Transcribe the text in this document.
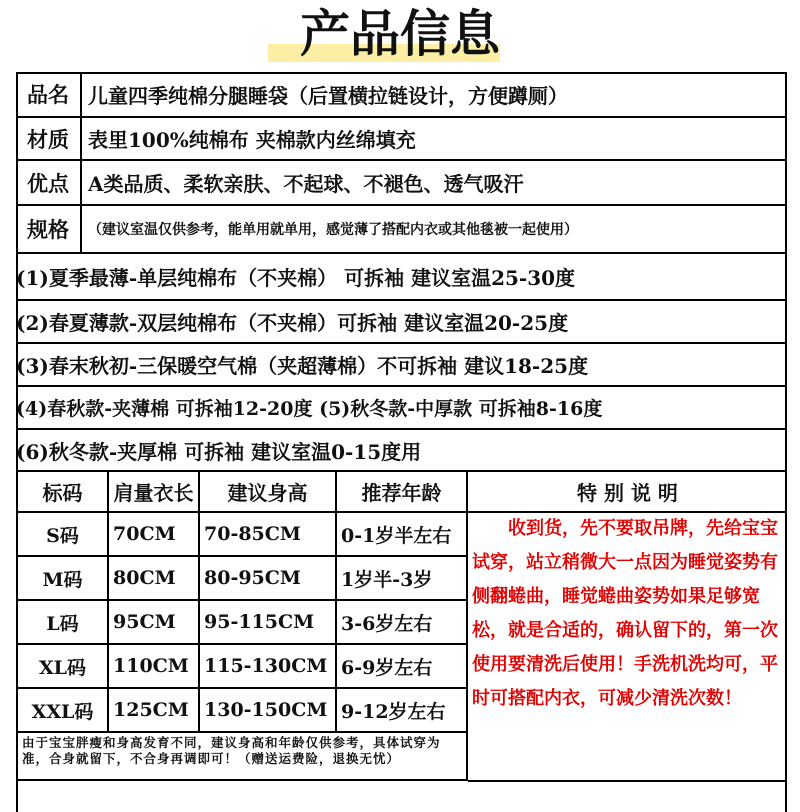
产品信息
品名 儿童四季纯棉分腿睡袋（后置横拉链设计，方便蹲厕）
材质 表里100%纯棉布 夹棉款内丝绵填充
优点 A类品质、柔软亲肤、不起球、不褪色、透气吸汗
规格	（建议室温仅供参考，能单用就单用，感觉薄了搭配内衣或其他毯被一起使用）
(1)夏季最薄-单层纯棉布（不夹棉） 可拆袖 建议室温25-30度
(2)春夏薄款-双层纯棉布（不夹棉）可拆袖 建议室温20-25度
(3)春末秋初-三保暖空气棉（夹超薄棉）不可拆袖 建议18-25度
(4)春秋款-夹薄棉 可拆袖12-20度 (5)秋冬款-中厚款 可拆袖8-16度
(6)秋冬款-夹厚棉 可拆袖 建议室温0-15度用
标码	肩量衣长	建议身高	推荐年龄	特 别 说 明
S码	70CM	70-85CM	0-1岁半左右
M码	80CM	80-95CM	1岁半-3岁
L码	95CM	95-115CM	3-6岁左右
XL码	110CM 115-130CM 6-9岁左右
XXL码	125CM 130-150CM 9-12岁左右
由于宝宝胖瘦和身高发育不同，建议身高和年龄仅供参考，具体试穿为准，合身就留下，不合身再调即可！（赠送运费险，退换无忧）
收到货，先不要取吊牌，先给宝宝试穿，站立稍微大一点因为睡觉姿势有侧翻蜷曲，睡觉蜷曲姿势如果足够宽松，就是合适的，确认留下的，第一次使用要清洗后使用！手洗机洗均可，平时可搭配内衣，可减少清洗次数！
